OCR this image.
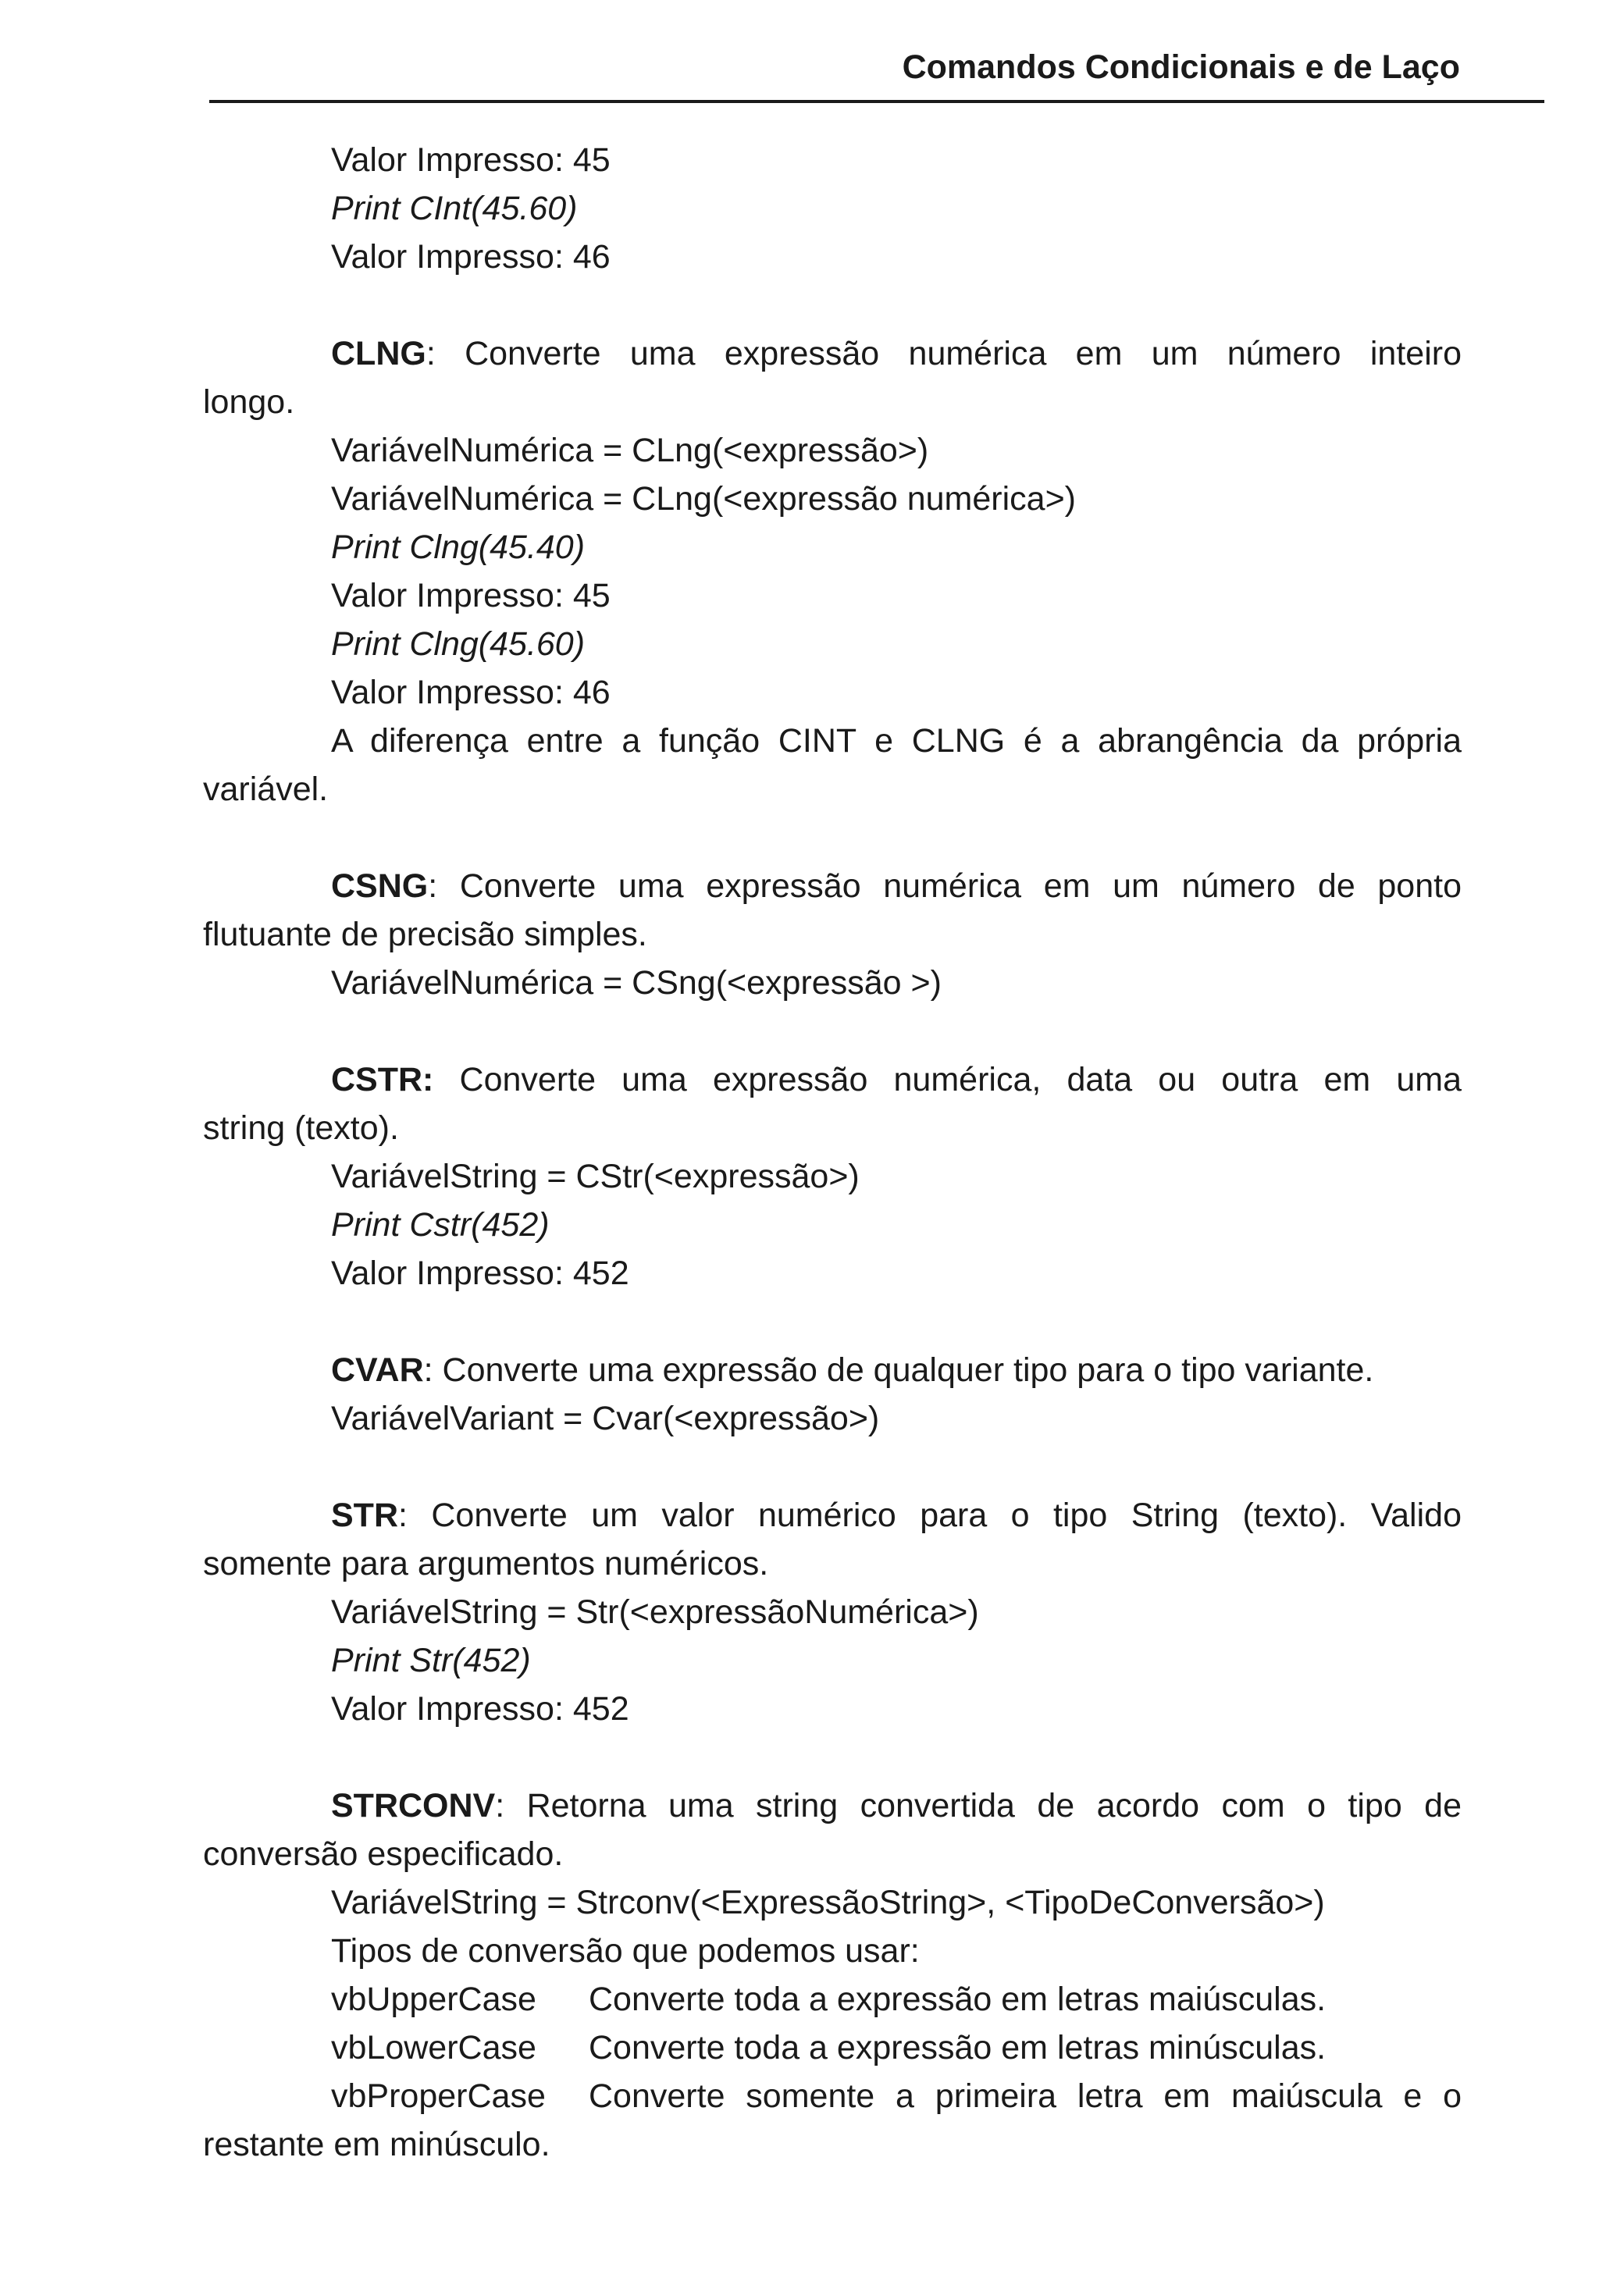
Comandos Condicionais e de Laço
Valor Impresso: 45
Print CInt(45.60)
Valor Impresso: 46
CLNG: Converte uma expressão numérica em um número inteiro
longo.
VariávelNumérica = CLng(<expressão>)
VariávelNumérica = CLng(<expressão numérica>)
Print Clng(45.40)
Valor Impresso: 45
Print Clng(45.60)
Valor Impresso: 46
A diferença entre a função CINT e CLNG é a abrangência da própria
variável.
CSNG: Converte uma expressão numérica em um número de ponto
flutuante de precisão simples.
VariávelNumérica = CSng(<expressão >)
CSTR: Converte uma expressão numérica, data ou outra em uma
string (texto).
VariávelString = CStr(<expressão>)
Print Cstr(452)
Valor Impresso: 452
CVAR: Converte uma expressão de qualquer tipo para o tipo variante.
VariávelVariant = Cvar(<expressão>)
STR: Converte um valor numérico para o tipo String (texto). Valido
somente para argumentos numéricos.
VariávelString = Str(<expressãoNumérica>)
Print Str(452)
Valor Impresso: 452
STRCONV: Retorna uma string convertida de acordo com o tipo de
conversão especificado.
VariávelString = Strconv(<ExpressãoString>, <TipoDeConversão>)
Tipos de conversão que podemos usar:
vbUpperCase Converte toda a expressão em letras maiúsculas.
vbLowerCase Converte toda a expressão em letras minúsculas.
vbProperCase Converte somente a primeira letra em maiúscula e o
restante em minúsculo.
